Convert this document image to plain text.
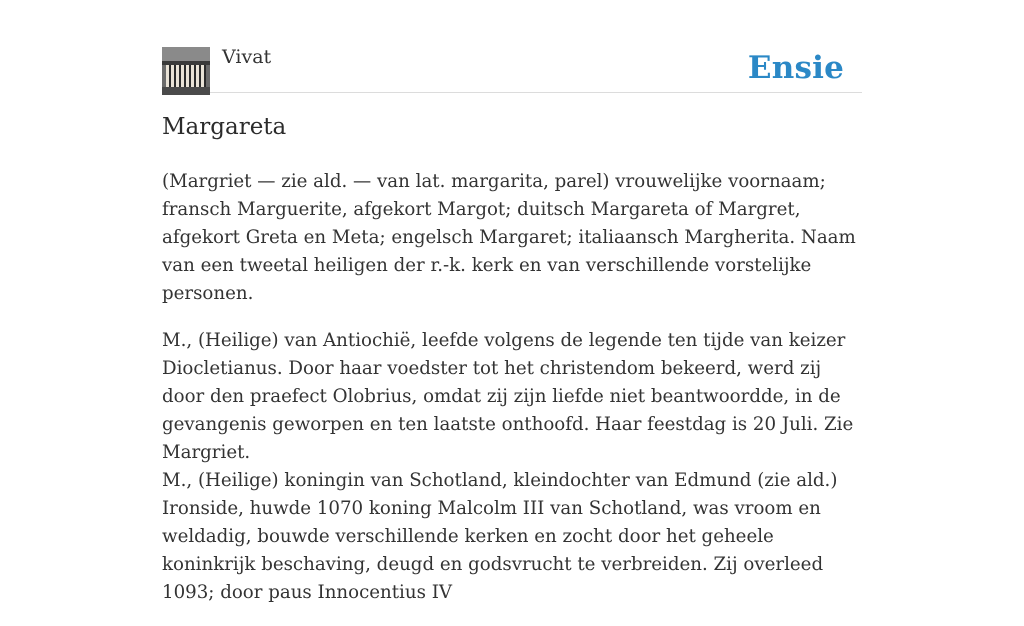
Vivat	Ensie
Margareta

(Margriet — zie ald. — van lat. margarita, parel) vrouwelijke voornaam; fransch Marguerite, afgekort Margot; duitsch Margareta of Margret, afgekort Greta en Meta; engelsch Margaret; italiaansch Margherita. Naam van een tweetal heiligen der r.-k. kerk en van verschillende vorstelijke personen.

M., (Heilige) van Antiochië, leefde volgens de legende ten tijde van keizer Diocletianus. Door haar voedster tot het christendom bekeerd, werd zij door den praefect Olobrius, omdat zij zijn liefde niet beantwoordde, in de gevangenis geworpen en ten laatste onthoofd. Haar feestdag is 20 Juli. Zie Margriet.

M., (Heilige) koningin van Schotland, kleindochter van Edmund (zie ald.) Ironside, huwde 1070 koning Malcolm III van Schotland, was vroom en weldadig, bouwde verschillende kerken en zocht door het geheele koninkrijk beschaving, deugd en godsvrucht te verbreiden. Zij overleed 1093; door paus Innocentius IV
